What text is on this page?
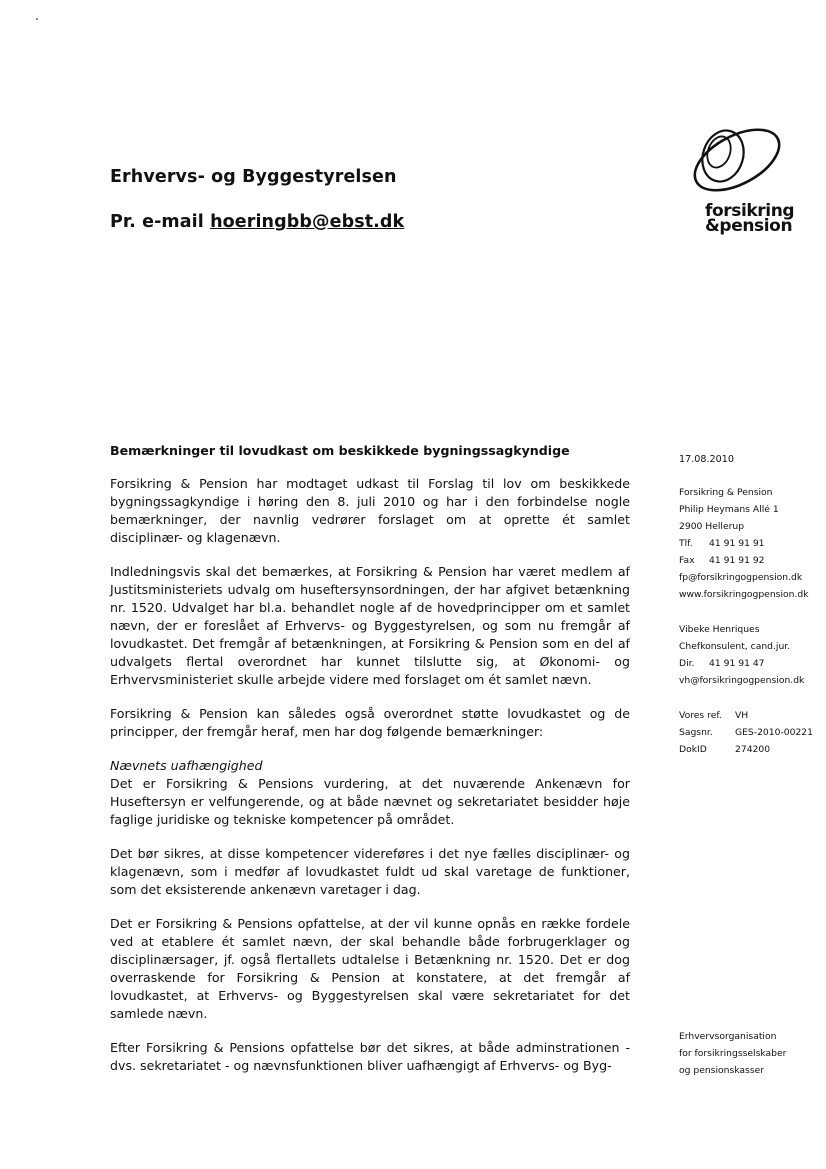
Erhvervs- og Byggestyrelsen
Pr. e-mail hoeringbb@ebst.dk
forsikring
&pension
Bemærkninger til lovudkast om beskikkede bygningssagkyndige

Forsikring & Pension har modtaget udkast til Forslag til lov om beskikkede bygningssagkyndige i høring den 8. juli 2010 og har i den forbindelse nogle bemærkninger, der navnlig vedrører forslaget om at oprette ét samlet disciplinær- og klagenævn.

Indledningsvis skal det bemærkes, at Forsikring & Pension har været medlem af Justitsministeriets udvalg om huseftersynsordningen, der har afgivet betænkning nr. 1520. Udvalget har bl.a. behandlet nogle af de hovedprincipper om et samlet nævn, der er foreslået af Erhvervs- og Byggestyrelsen, og som nu fremgår af lovudkastet. Det fremgår af betænkningen, at Forsikring & Pension som en del af udvalgets flertal overordnet har kunnet tilslutte sig, at Økonomi- og Erhvervsministeriet skulle arbejde videre med forslaget om ét samlet nævn.

Forsikring & Pension kan således også overordnet støtte lovudkastet og de principper, der fremgår heraf, men har dog følgende bemærkninger:

Nævnets uafhængighed

Det er Forsikring & Pensions vurdering, at det nuværende Ankenævn for Huseftersyn er velfungerende, og at både nævnet og sekretariatet besidder høje faglige juridiske og tekniske kompetencer på området.

Det bør sikres, at disse kompetencer videreføres i det nye fælles disciplinær- og klagenævn, som i medfør af lovudkastet fuldt ud skal varetage de funktioner, som det eksisterende ankenævn varetager i dag.

Det er Forsikring & Pensions opfattelse, at der vil kunne opnås en række fordele ved at etablere ét samlet nævn, der skal behandle både forbrugerklager og disciplinærsager, jf. også flertallets udtalelse i Betænkning nr. 1520. Det er dog overraskende for Forsikring & Pension at konstatere, at det fremgår af lovudkastet, at Erhvervs- og Byggestyrelsen skal være sekretariatet for det samlede nævn.

Efter Forsikring & Pensions opfattelse bør det sikres, at både adminstrationen - dvs. sekretariatet - og nævnsfunktionen bliver uafhængigt af Erhvervs- og Byg-

17.08.2010
Forsikring & Pension
Philip Heymans Allé 1
2900 Hellerup
Tlf. 41 91 91 91
Fax 41 91 91 92
fp@forsikringogpension.dk
www.forsikringogpension.dk
Vibeke Henriques
Chefkonsulent, cand.jur.
Dir. 41 91 91 47
vh@forsikringogpension.dk
Vores ref. VH
Sagsnr. GES-2010-00221
DokID	274200
Erhvervsorganisation
for forsikringsselskaber
og pensionskasser
